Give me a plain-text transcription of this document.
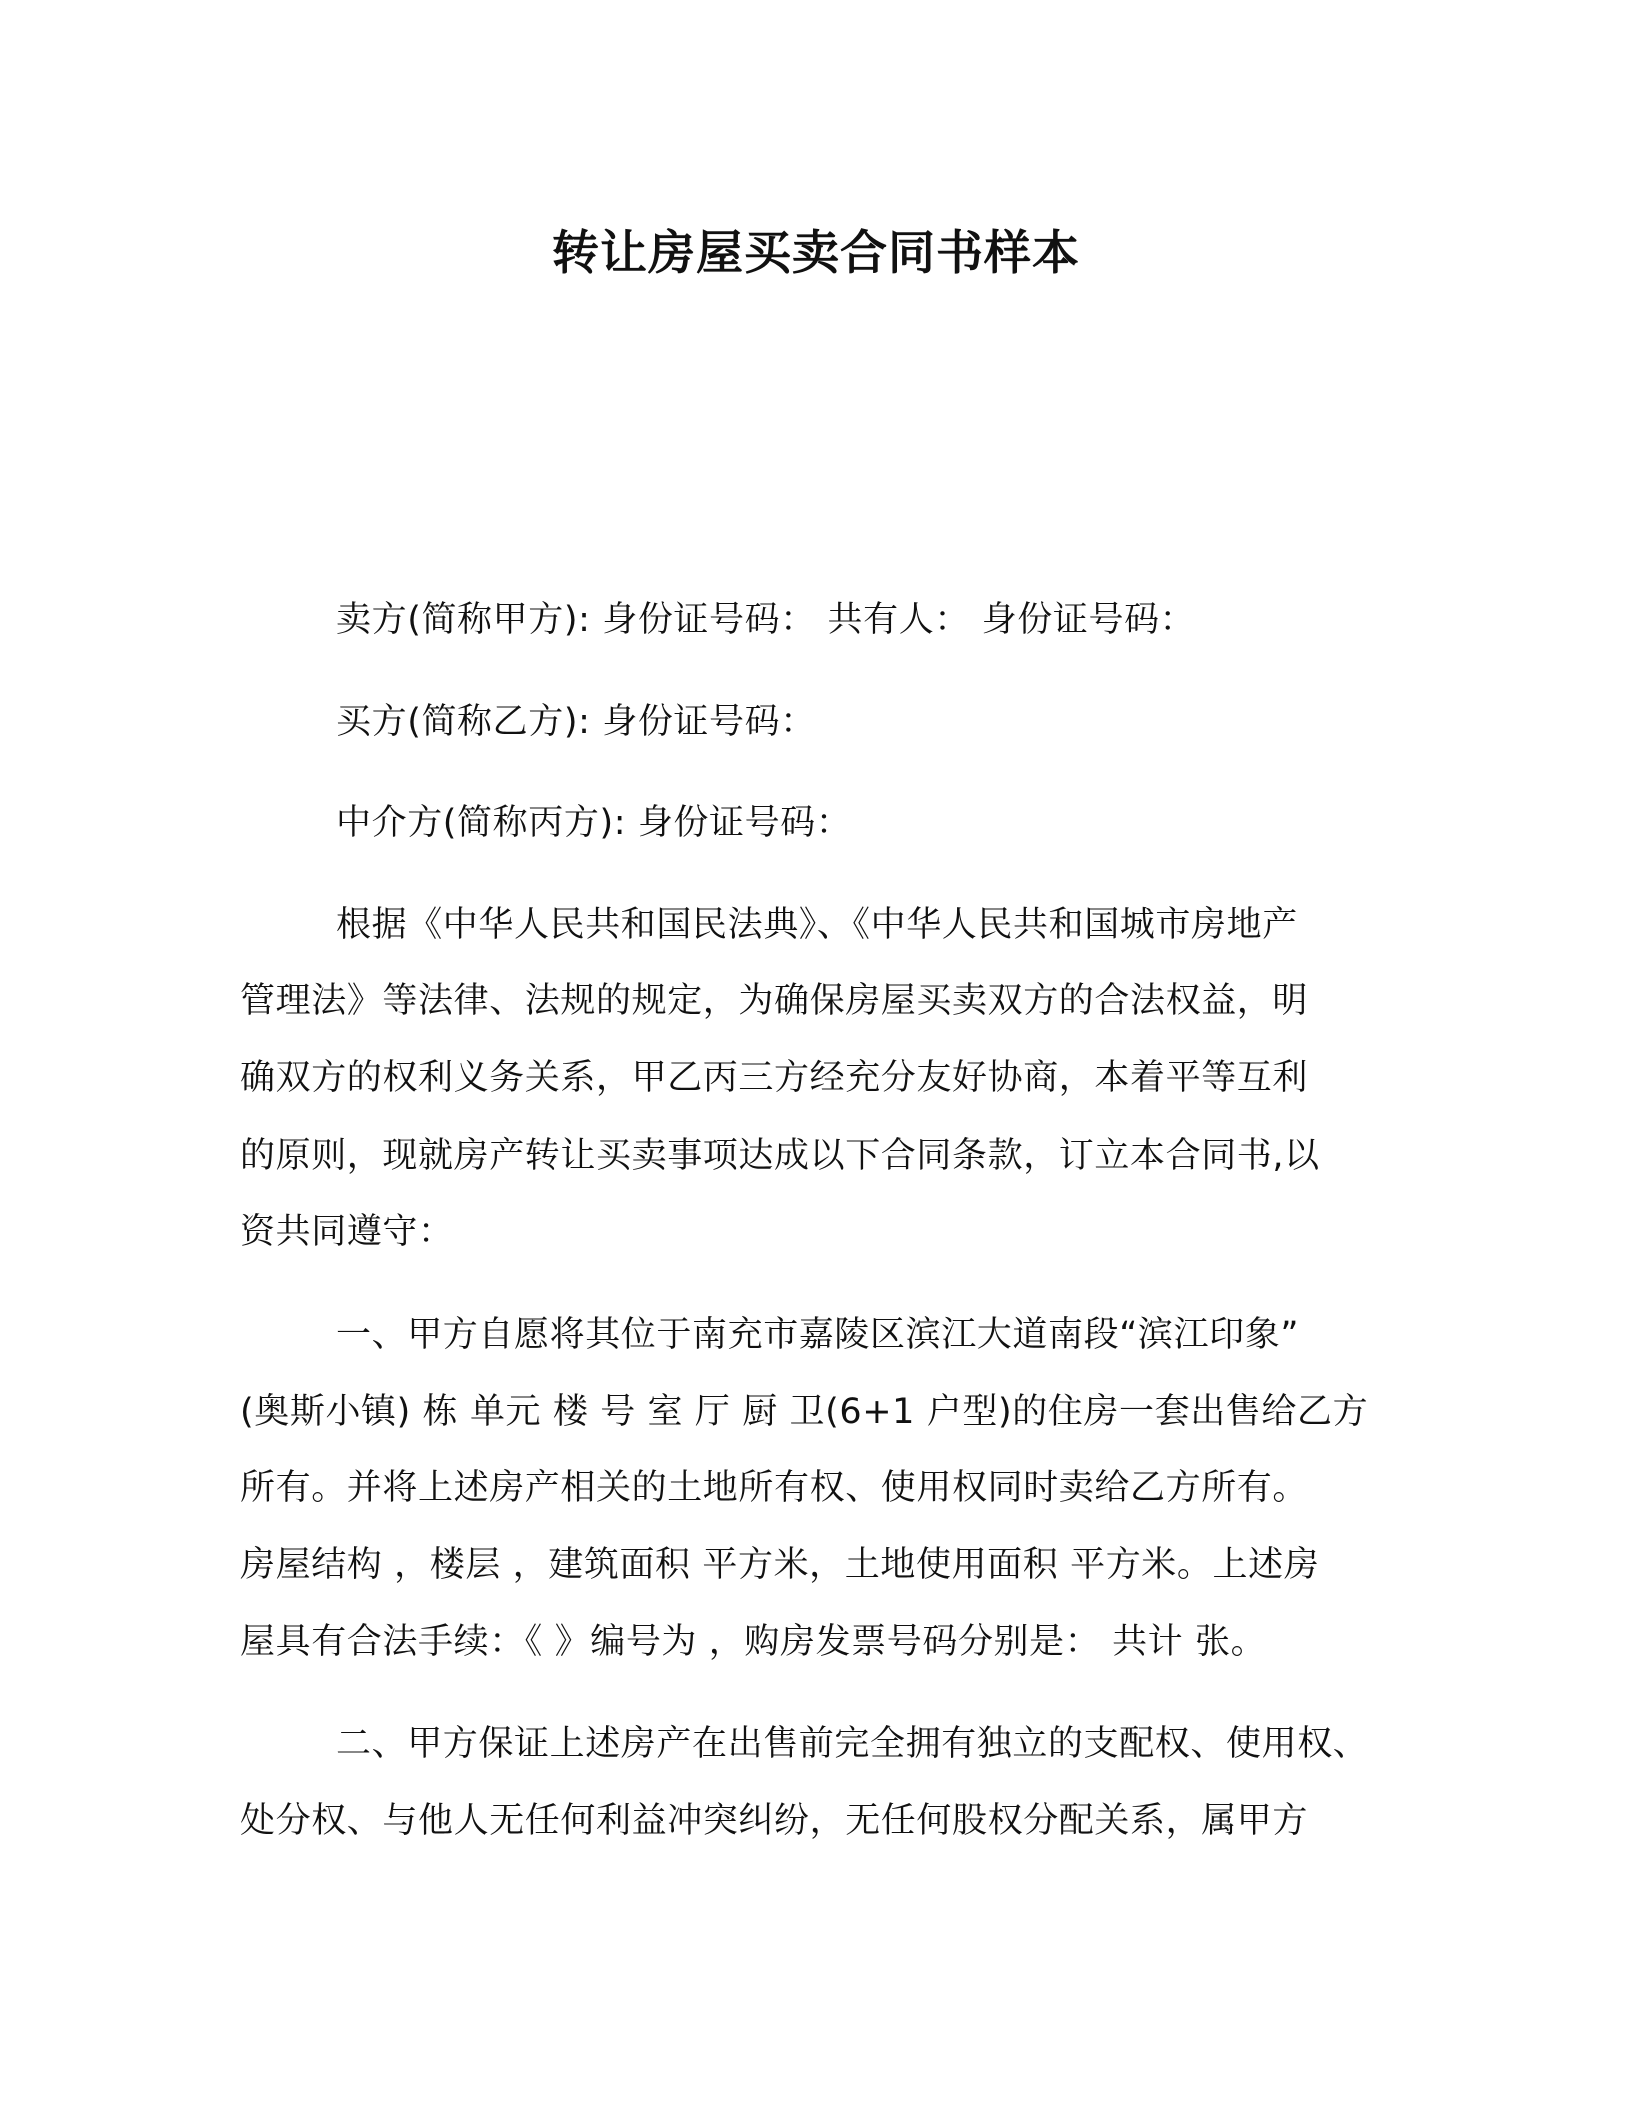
转让房屋买卖合同书样本
卖方(简称甲方): 身份证号码： 共有人： 身份证号码：
买方(简称乙方): 身份证号码：
中介方(简称丙方): 身份证号码：
根据《中华人民共和国民法典》、《中华人民共和国城市房地产
管理法》等法律、法规的规定，为确保房屋买卖双方的合法权益，明
确双方的权利义务关系，甲乙丙三方经充分友好协商，本着平等互利
的原则，现就房产转让买卖事项达成以下合同条款，订立本合同书,以
资共同遵守：
一、甲方自愿将其位于南充市嘉陵区滨江大道南段“滨江印象”
(奥斯小镇) 栋 单元 楼 号 室 厅 厨 卫(6+1 户型)的住房一套出售给乙方
所有。并将上述房产相关的土地所有权、使用权同时卖给乙方所有。
房屋结构 ，楼层 ，建筑面积 平方米，土地使用面积 平方米。上述房
屋具有合法手续：《 》编号为 ，购房发票号码分别是： 共计 张。
二、甲方保证上述房产在出售前完全拥有独立的支配权、使用权、
处分权、与他人无任何利益冲突纠纷，无任何股权分配关系，属甲方
